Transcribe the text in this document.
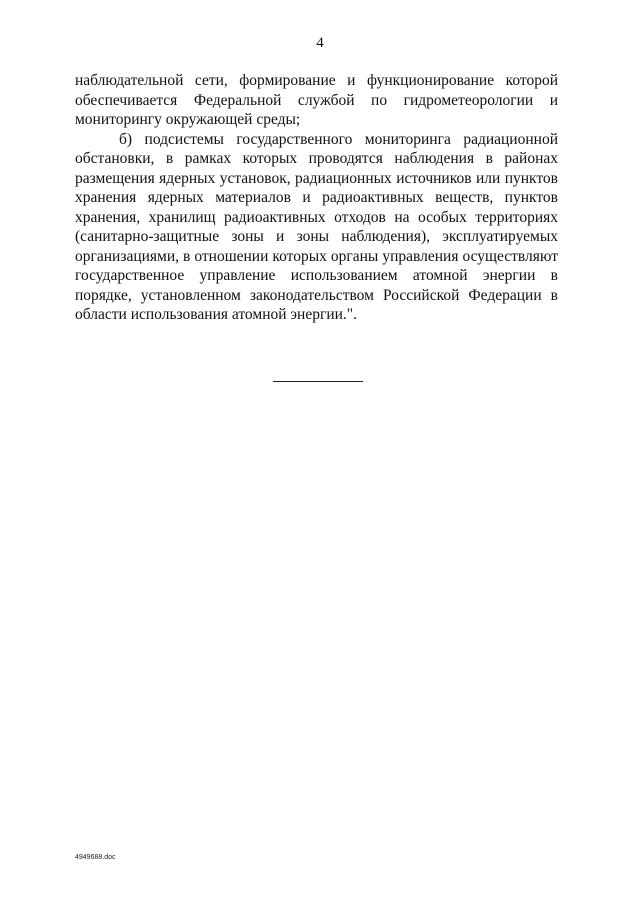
4

наблюдательной сети, формирование и функционирование которой обеспечивается Федеральной службой по гидрометеорологии и мониторингу окружающей среды;

б) подсистемы государственного мониторинга радиационной обстановки, в рамках которых проводятся наблюдения в районах размещения ядерных установок, радиационных источников или пунктов хранения ядерных материалов и радиоактивных веществ, пунктов хранения, хранилищ радиоактивных отходов на особых территориях (санитарно-защитные зоны и зоны наблюдения), эксплуатируемых организациями, в отношении которых органы управления осуществляют государственное управление использованием атомной энергии в порядке, установленном законодательством Российской Федерации в области использования атомной энергии.".

4949688.doc
